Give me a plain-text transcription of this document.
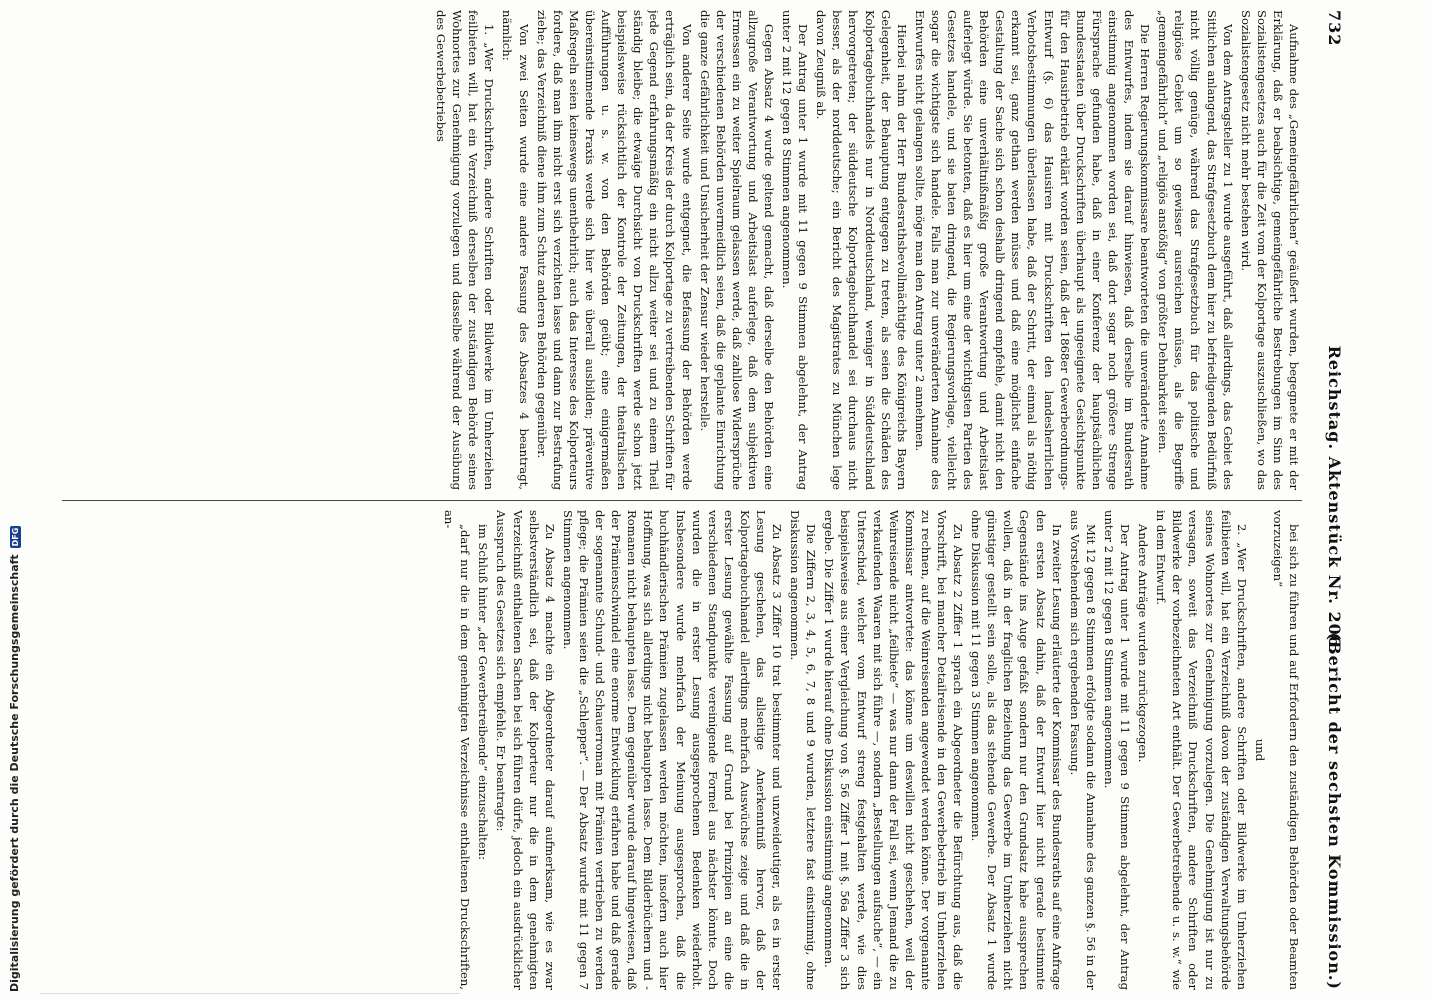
732
Reichstag. Aktenstück Nr. 206.
(Bericht der sechsten Kommission.)

Aufnahme des „Gemeingefährlichen“ geäußert wurden, begegnete er mit der Erklärung, daß er beabsichtige, gemeingefährliche Bestrebungen im Sinn des Sozialistengesetzes auch für die Zeit vom der Kolportage auszuschließen, wo das Sozialistengesetz nicht mehr bestehen wird.

Von dem Antragsteller zu 1 wurde ausgeführt, daß allerdings, das Gebiet des Sittlichen anlangend, das Strafgesetzbuch dem hier zu befriedigenden Bedürfniß nicht völlig genüge, während das Strafgesetzbuch für das politische und religiöse Gebiet um so gewisser ausreichen müsse, als die Begriffe „gemeingefährlich“ und „religiös anstößig“ von größter Dehnbarkeit seien.

Die Herren Regierungskommissare beantworteten die unveränderte Annahme des Entwurfes, indem sie darauf hinwiesen, daß derselbe im Bundesrath einstimmig angenommen worden sei, daß dort sogar noch größere Strenge Fürsprache gefunden habe, daß in einer Konferenz der hauptsächlichen Bundesstaaten über Druckschriften überhaupt als ungeeignete Gesichtspunkte für den Hausirbetrieb erklärt worden seien, daß der 1868er Gewerbeordnungs-Entwurf (§. 6) das Hausiren mit Druckschriften den landesherrlichen Verbotsbestimmungen überlassen habe, daß der Schritt, der einmal als nöthig erkannt sei, ganz gethan werden müsse und daß eine möglichst einfache Gestaltung der Sache sich schon deshalb dringend empfehle, damit nicht den Behörden eine unverhältnißmäßig große Verantwortung und Arbeitslast auferlegt würde. Sie betonten, daß es hier um eine der wichtigsten Partien des Gesetzes handele, und sie baten dringend, die Regierungsvorlage, vielleicht sogar die wichtigste sich handele. Falls man zur unveränderten Annahme des Entwurfes nicht gelangen sollte, möge man den Antrag unter 2 annehmen.

Hierbei nahm der Herr Bundesrathsbevollmächtigte des Königreichs Bayern Gelegenheit, der Behauptung entgegen zu treten, als seien die Schäden des Kolportagebuchhandels nur in Norddeutschland, weniger in Süddeutschland hervorgetreten; der süddeutsche Kolportagebuchhandel sei durchaus nicht besser, als der norddeutsche; ein Bericht des Magistrates zu München lege davon Zeugniß ab.

Der Antrag unter 1 wurde mit 11 gegen 9 Stimmen abgelehnt, der Antrag unter 2 mit 12 gegen 8 Stimmen angenommen.

Gegen Absatz 4 wurde geltend gemacht, daß derselbe den Behörden eine allzugroße Verantwortung und Arbeitslast auferlege, daß dem subjektiven Ermessen ein zu weiter Spielraum gelassen werde, daß zahllose Widersprüche der verschiedenen Behörden unvermeidlich seien, daß die geplante Einrichtung die ganze Gefährlichkeit und Unsicherheit der Zensur wieder herstelle.

Von anderer Seite wurde entgegnet, die Befassung der Behörden werde erträglich sein, da der Kreis der durch Kolportage zu vertreibenden Schriften für jede Gegend erfahrungsmäßig ein nicht allzu weiter sei und zu einem Theil ständig bleibe; die etwaige Durchsicht von Druckschriften werde schon jetzt beispielsweise rücksichtlich der Kontrole der Zeitungen, der theatralischen Aufführungen u. s. w. von den Behörden geübt; eine einigermaßen übereinstimmende Praxis werde sich hier wie überall ausbilden; präventive Maßregeln seien keineswegs unentbehrlich; auch das Interesse des Kolporteurs fordere, daß man ihm nicht erst sich verzichten lasse und dann zur Bestrafung ziehe; das Verzeichniß diene ihm zum Schutz anderen Behörden gegenüber.

Von zwei Seiten wurde eine andere Fassung des Absatzes 4 beantragt, nämlich:

1. „Wer Druckschriften, andere Schriften oder Bildwerke im Umherziehen feilbieten will, hat ein Verzeichniß derselben der zuständigen Behörde seines Wohnortes zur Genehmigung vorzulegen und dasselbe während der Ausübung des Gewerbebetriebes

bei sich zu führen und auf Erfordern den zuständigen Behörden oder Beamten vorzuzeigen“

und

2. „Wer Druckschriften, andere Schriften oder Bildwerke im Umherziehen feilbieten will, hat ein Verzeichniß davon der zuständigen Verwaltungsbehörde seines Wohnortes zur Genehmigung vorzulegen. Die Genehmigung ist nur zu versagen, soweit das Verzeichniß Druckschriften, andere Schriften oder Bildwerke der vorbezeichneten Art enthält. Der Gewerbetreibende u. s. w.“ wie in dem Entwurf.

Andere Anträge wurden zurückgezogen.

Der Antrag unter 1 wurde mit 11 gegen 9 Stimmen abgelehnt, der Antrag unter 2 mit 12 gegen 8 Stimmen angenommen.

Mit 12 gegen 8 Stimmen erfolgte sodann die Annahme des ganzen §. 56 in der aus Vorstehendem sich ergebenden Fassung.

In zweiter Lesung erläuterte der Kommissar des Bundesraths auf eine Anfrage den ersten Absatz dahin, daß der Entwurf hier nicht gerade bestimmte Gegenstände ins Auge gefaßt sondern nur den Grundsatz habe aussprechen wollen, daß in der fraglichen Beziehung das Gewerbe im Umherziehen nicht günstiger gestellt sein solle, als das stehende Gewerbe. Der Absatz 1 wurde ohne Diskussion mit 11 gegen 3 Stimmen angenommen.

Zu Absatz 2 Ziffer 1 sprach ein Abgeordneter die Befürchtung aus, daß die Vorschrift, bei mancher Detailreisende in den Gewerbebetrieb im Umherziehen zu rechnen, auf die Weinreisenden angewendet werden könne. Der vorgenannte Kommissar antwortete: das könne um deswillen nicht geschehen, weil der Weinreisende nicht „feilbiete“ — was nur dann der Fall sei, wenn Jemand die zu verkaufenden Waaren mit sich führe —, sondern „Bestellungen aufsuche“, — ein Unterschied, welcher vom Entwurf streng festgehalten werde, wie dies beispielsweise aus einer Vergleichung von §. 56 Ziffer 1 mit §. 56a Ziffer 3 sich ergebe. Die Ziffer 1 wurde hierauf ohne Diskussion einstimmig angenommen.

Die Ziffern 2, 3, 4, 5, 6, 7, 8 und 9 wurden, letztere fast einstimmig, ohne Diskussion angenommen.

Zu Absatz 3 Ziffer 10 trat bestimmter und unzweideutiger, als es in erster Lesung geschehen, das allseitige Anerkenntniß hervor, daß der Kolportagebuchhandel allerdings mehrfach Auswüchse zeige und daß die in erster Lesung gewählte Fassung auf Grund bei Prinzipien an eine die verschiedenen Standpunkte vereinigende Formel aus nächster könnte. Doch wurden die in erster Lesung ausgesprochenen Bedenken wiederholt. Insbesondere wurde mehrfach der Meinung ausgesprochen, daß die buchhändlerischen Prämien zugelassen werden möchten, insofern auch hier Hoffnung, was sich allerdings nicht behaupten lasse. Dem Bilderbüchern und -Romanen nicht behaupten lasse. Dem gegenüber wurde darauf hingewiesen, daß der Prämienschwindel eine enorme Entwicklung erfahren habe und daß gerade der sogenannte Schund- und Schauerroman mit Prämien vertrieben zu werden pflege; die Prämien seien die „Schlepper“. — Der Absatz wurde mit 11 gegen 7 Stimmen angenommen.

Zu Absatz 4 machte ein Abgeordneter darauf aufmerksam, wie es zwar selbstverständlich sei, daß der Kolporteur nur die in dem genehmigten Verzeichniß enthaltenen Sachen bei sich führen dürfe, jedoch ein ausdrücklicher Ausspruch des Gesetzes sich empfehle. Er beantragte:

im Schluß hinter „der Gewerbetreibende“ einzuschalten:

„darf nur die in dem genehmigten Verzeichnisse enthaltenen Druckschriften, an-

Digitalisierung gefördert durch die Deutsche ForschungsgemeinschaftDFG
